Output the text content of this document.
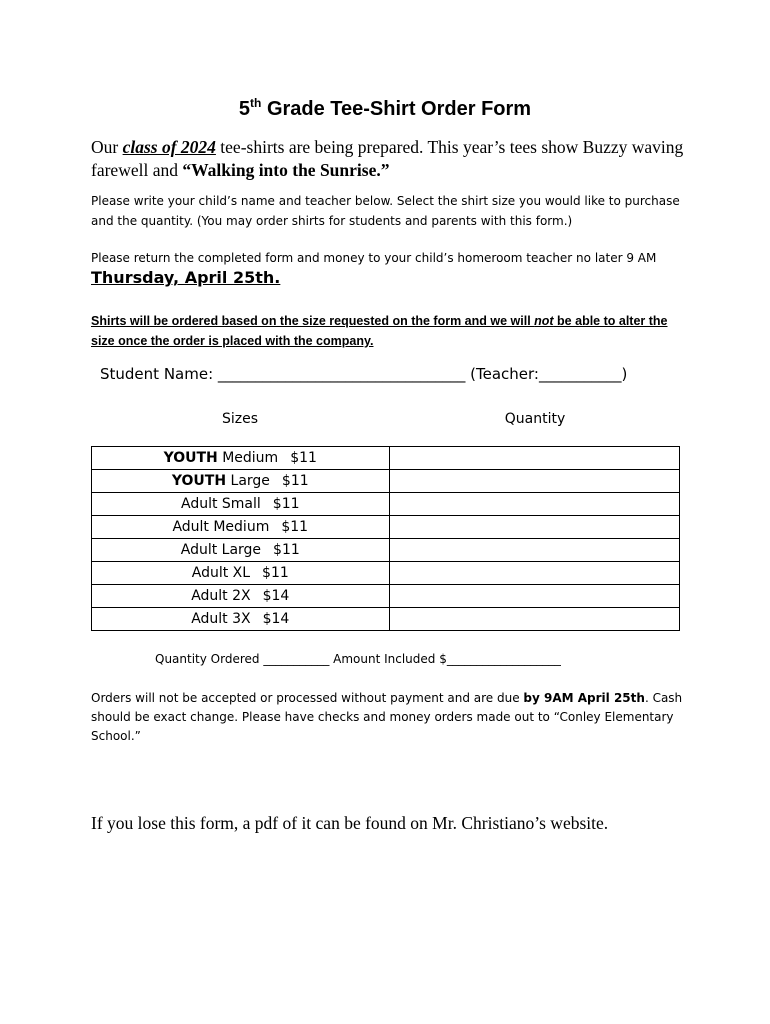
5th Grade Tee-Shirt Order Form
Our class of 2024 tee-shirts are being prepared. This year’s tees show Buzzy waving farewell and “Walking into the Sunrise.”
Please write your child’s name and teacher below. Select the shirt size you would like to purchase and the quantity. (You may order shirts for students and parents with this form.)
Please return the completed form and money to your child’s homeroom teacher no later 9 AM
Thursday, April 25th.
Shirts will be ordered based on the size requested on the form and we will not be able to alter the size once the order is placed with the company.
Student Name: _________________________________ (Teacher:___________)
Sizes	Quantity
YOUTH Medium $11	
YOUTH Large $11	
Adult Small $11	
Adult Medium $11	
Adult Large $11	
Adult XL $11	
Adult 2X $14	
Adult 3X $14	
Quantity Ordered ___________ Amount Included $___________________
Orders will not be accepted or processed without payment and are due by 9AM April 25th. Cash should be exact change. Please have checks and money orders made out to “Conley Elementary School.”
If you lose this form, a pdf of it can be found on Mr. Christiano’s website.
